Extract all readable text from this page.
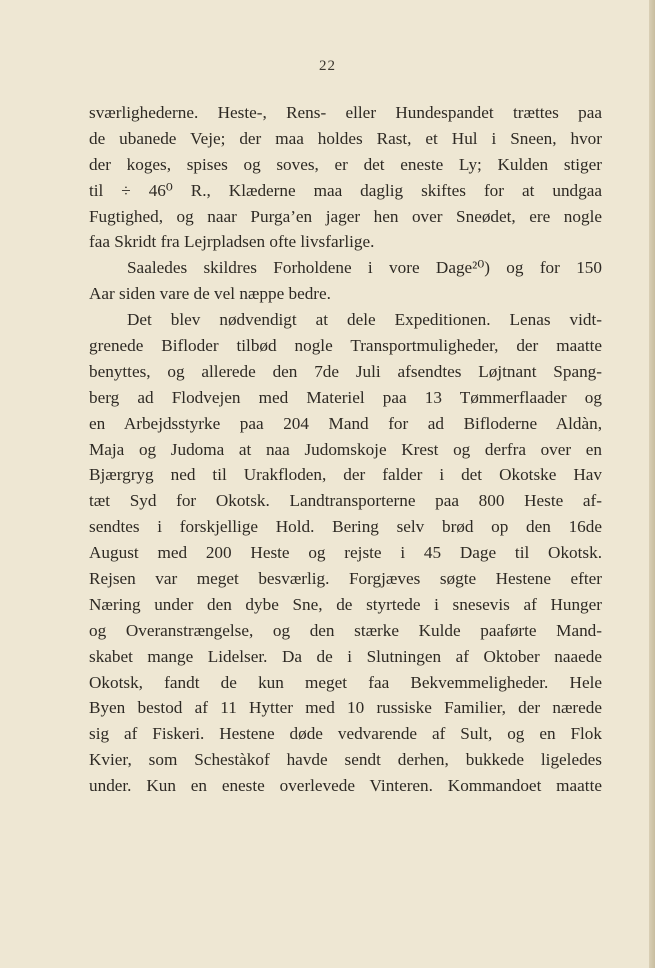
22
sværlighederne. Heste-, Rens- eller Hundespandet trættes paa
de ubanede Veje; der maa holdes Rast, et Hul i Sneen, hvor
der koges, spises og soves, er det eneste Ly; Kulden stiger
til ÷ 46⁰ R., Klæderne maa daglig skiftes for at undgaa
Fugtighed, og naar Purga’en jager hen over Sneødet, ere nogle
faa Skridt fra Lejrpladsen ofte livsfarlige.
Saaledes skildres Forholdene i vore Dage²⁰) og for 150
Aar siden vare de vel næppe bedre.
Det blev nødvendigt at dele Expeditionen. Lenas vidt-
grenede Bifloder tilbød nogle Transportmuligheder, der maatte
benyttes, og allerede den 7de Juli afsendtes Løjtnant Spang-
berg ad Flodvejen med Materiel paa 13 Tømmerflaader og
en Arbejdsstyrke paa 204 Mand for ad Bifloderne Aldàn,
Maja og Judoma at naa Judomskoje Krest og derfra over en
Bjærgryg ned til Urakfloden, der falder i det Okotske Hav
tæt Syd for Okotsk. Landtransporterne paa 800 Heste af-
sendtes i forskjellige Hold. Bering selv brød op den 16de
August med 200 Heste og rejste i 45 Dage til Okotsk.
Rejsen var meget besværlig. Forgjæves søgte Hestene efter
Næring under den dybe Sne, de styrtede i snesevis af Hunger
og Overanstrængelse, og den stærke Kulde paaførte Mand-
skabet mange Lidelser. Da de i Slutningen af Oktober naaede
Okotsk, fandt de kun meget faa Bekvemmeligheder. Hele
Byen bestod af 11 Hytter med 10 russiske Familier, der nærede
sig af Fiskeri. Hestene døde vedvarende af Sult, og en Flok
Kvier, som Schestàkof havde sendt derhen, bukkede ligeledes
under. Kun en eneste overlevede Vinteren. Kommandoet maatte
